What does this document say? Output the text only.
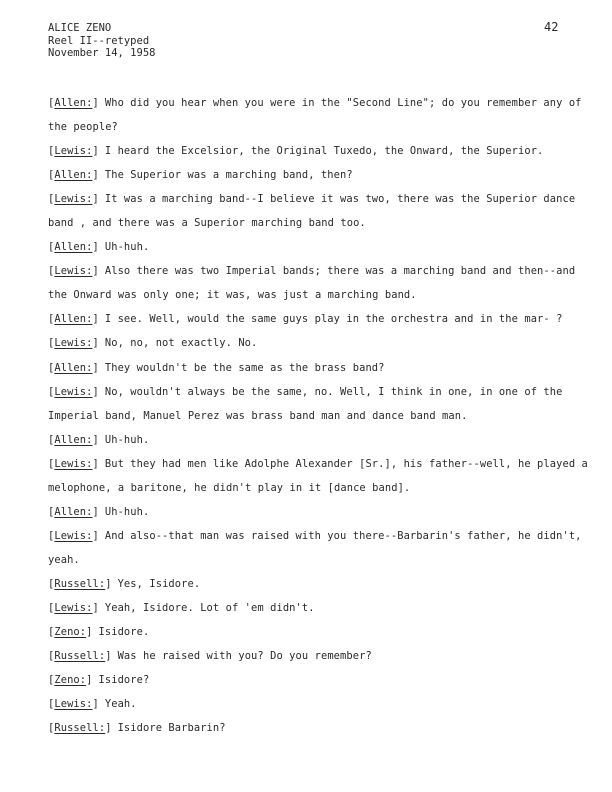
ALICE ZENO
Reel II--retyped
November 14, 1958
42

[Allen:] Who did you hear when you were in the "Second Line"; do you remember any of the people?

[Lewis:] I heard the Excelsior, the Original Tuxedo, the Onward, the Superior.

[Allen:] The Superior was a marching band, then?

[Lewis:] It was a marching band--I believe it was two, there was the Superior dance band , and there was a Superior marching band too.

[Allen:] Uh-huh.

[Lewis:] Also there was two Imperial bands; there was a marching band and then--and the Onward was only one; it was, was just a marching band.

[Allen:] I see. Well, would the same guys play in the orchestra and in the mar- ?

[Lewis:] No, no, not exactly. No.

[Allen:] They wouldn't be the same as the brass band?

[Lewis:] No, wouldn't always be the same, no. Well, I think in one, in one of the Imperial band, Manuel Perez was brass band man and dance band man.

[Allen:] Uh-huh.

[Lewis:] But they had men like Adolphe Alexander [Sr.], his father--well, he played a melophone, a baritone, he didn't play in it [dance band].

[Allen:] Uh-huh.

[Lewis:] And also--that man was raised with you there--Barbarin's father, he didn't, yeah.

[Russell:] Yes, Isidore.

[Lewis:] Yeah, Isidore. Lot of 'em didn't.

[Zeno:] Isidore.

[Russell:] Was he raised with you? Do you remember?

[Zeno:] Isidore?

[Lewis:] Yeah.

[Russell:] Isidore Barbarin?
